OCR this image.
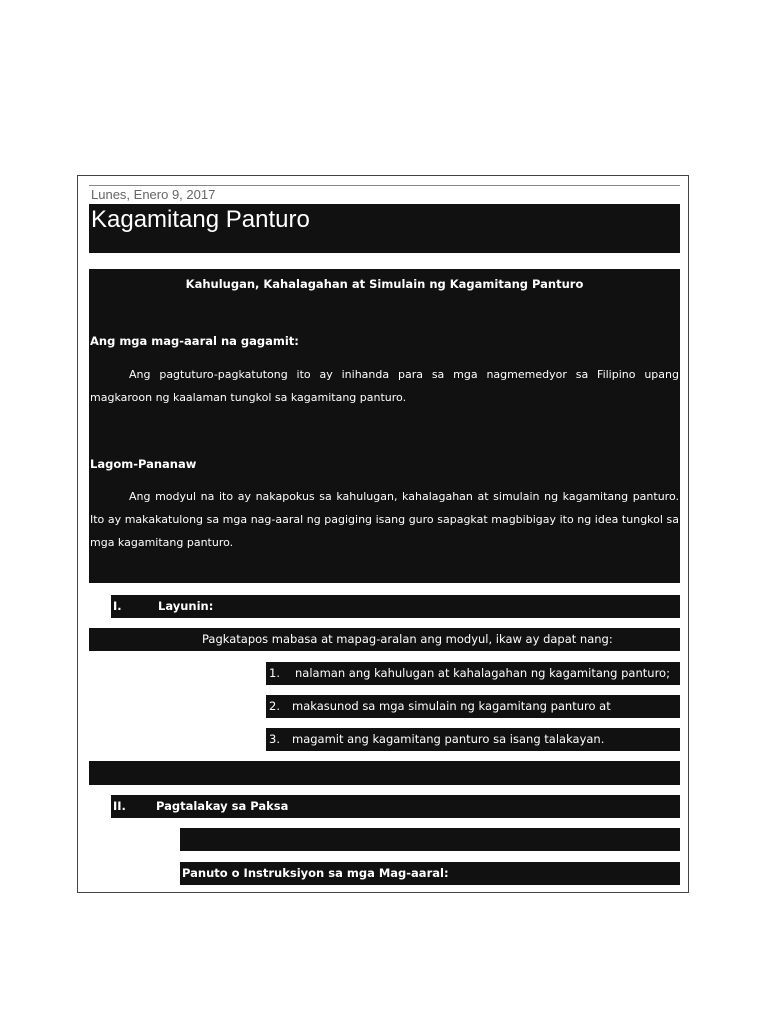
Lunes, Enero 9, 2017
Kagamitang Panturo
Kahulugan, Kahalagahan at Simulain ng Kagamitang Panturo
Ang mga mag-aaral na gagamit:
Ang pagtuturo-pagkatutong ito ay inihanda para sa mga nagmemedyor sa Filipino upang magkaroon ng kaalaman tungkol sa kagamitang panturo.
Lagom-Pananaw
Ang modyul na ito ay nakapokus sa kahulugan, kahalagahan at simulain ng kagamitang panturo. Ito ay makakatulong sa mga nag-aaral ng pagiging isang guro sapagkat magbibigay ito ng idea tungkol sa mga kagamitang panturo.
I.	Layunin:
Pagkatapos mabasa at mapag-aralan ang modyul, ikaw ay dapat nang:
1. nalaman ang kahulugan at kahalagahan ng kagamitang panturo;
2. makasunod sa mga simulain ng kagamitang panturo at
3. magamit ang kagamitang panturo sa isang talakayan.
II.	Pagtalakay sa Paksa
Panuto o Instruksiyon sa mga Mag-aaral:
